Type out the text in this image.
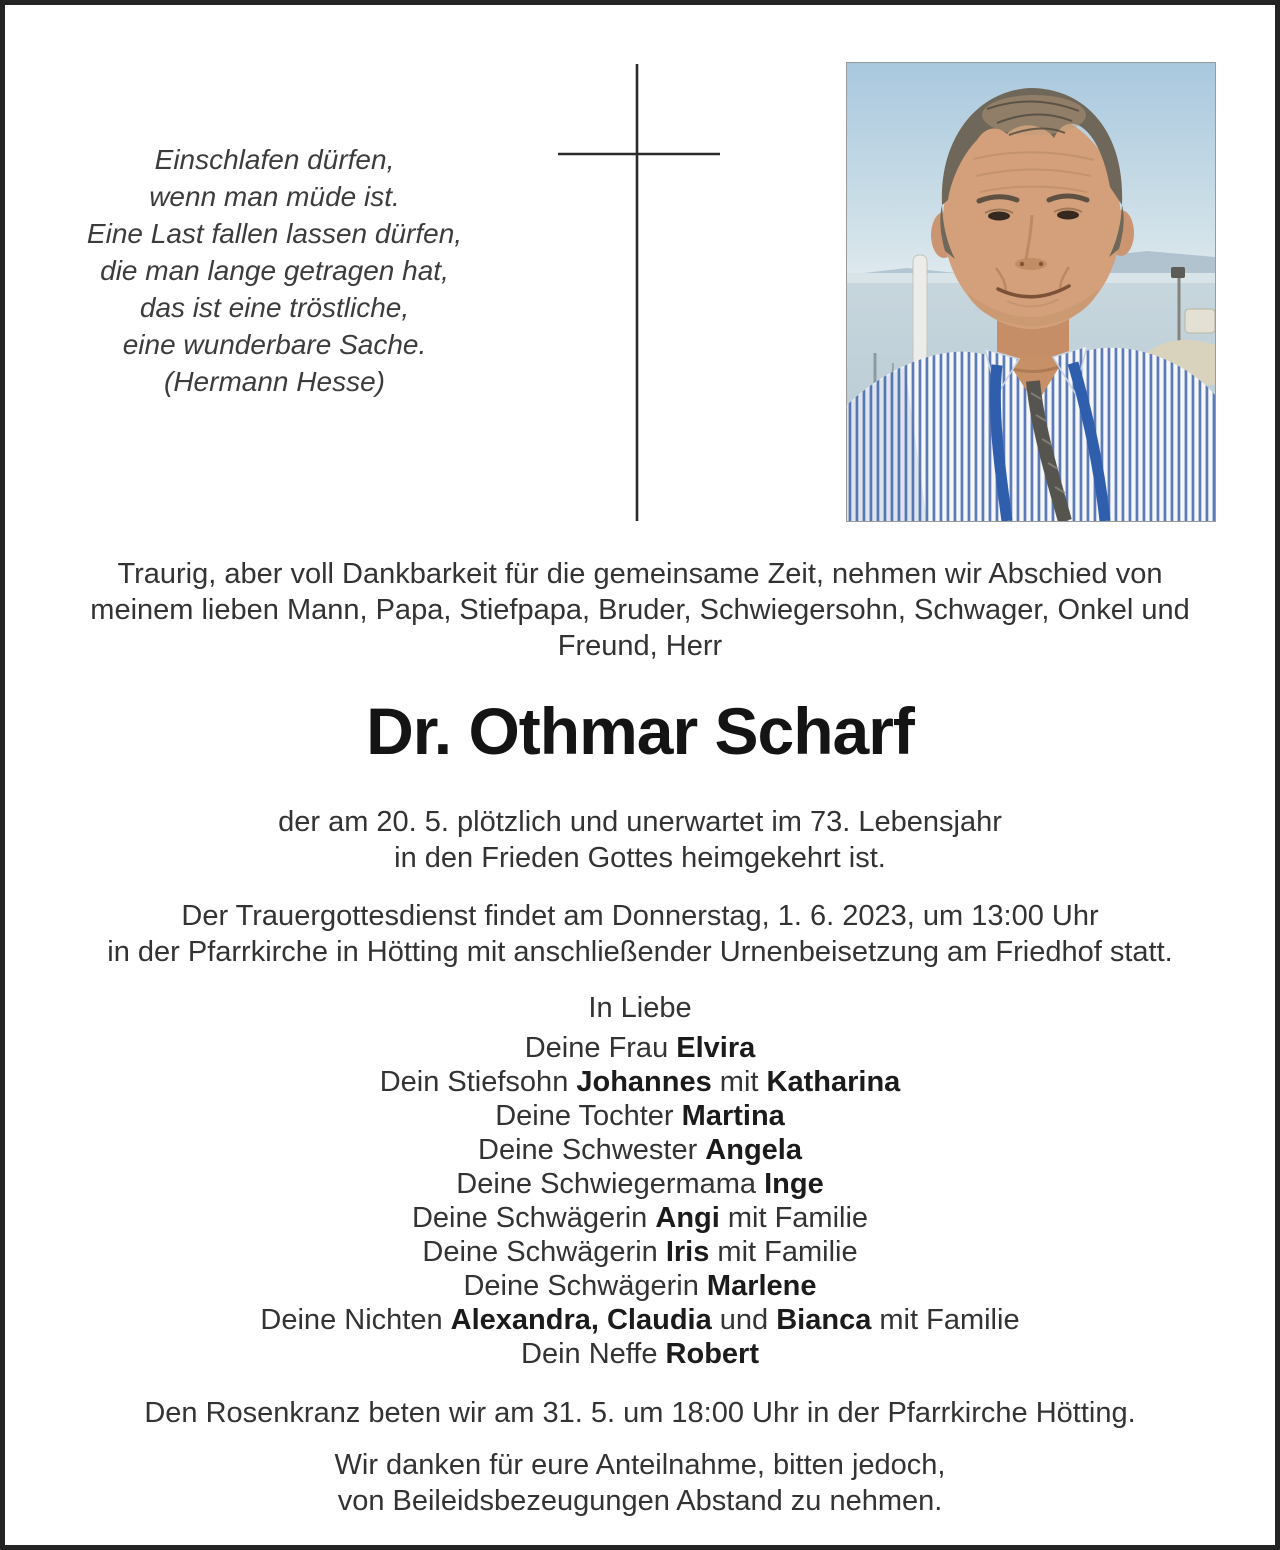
Einschlafen dürfen,
wenn man müde ist.
Eine Last fallen lassen dürfen,
die man lange getragen hat,
das ist eine tröstliche,
eine wunderbare Sache.
(Hermann Hesse)

Traurig, aber voll Dankbarkeit für die gemeinsame Zeit, nehmen wir Abschied von
meinem lieben Mann, Papa, Stiefpapa, Bruder, Schwiegersohn, Schwager, Onkel und
Freund, Herr

Dr. Othmar Scharf

der am 20. 5. plötzlich und unerwartet im 73. Lebensjahr
in den Frieden Gottes heimgekehrt ist.

Der Trauergottesdienst findet am Donnerstag, 1. 6. 2023, um 13:00 Uhr
in der Pfarrkirche in Hötting mit anschließender Urnenbeisetzung am Friedhof statt.

In Liebe

Deine Frau Elvira
Dein Stiefsohn Johannes mit Katharina
Deine Tochter Martina
Deine Schwester Angela
Deine Schwiegermama Inge
Deine Schwägerin Angi mit Familie
Deine Schwägerin Iris mit Familie
Deine Schwägerin Marlene
Deine Nichten Alexandra, Claudia und Bianca mit Familie
Dein Neffe Robert

Den Rosenkranz beten wir am 31. 5. um 18:00 Uhr in der Pfarrkirche Hötting.

Wir danken für eure Anteilnahme, bitten jedoch,
von Beileidsbezeugungen Abstand zu nehmen.
